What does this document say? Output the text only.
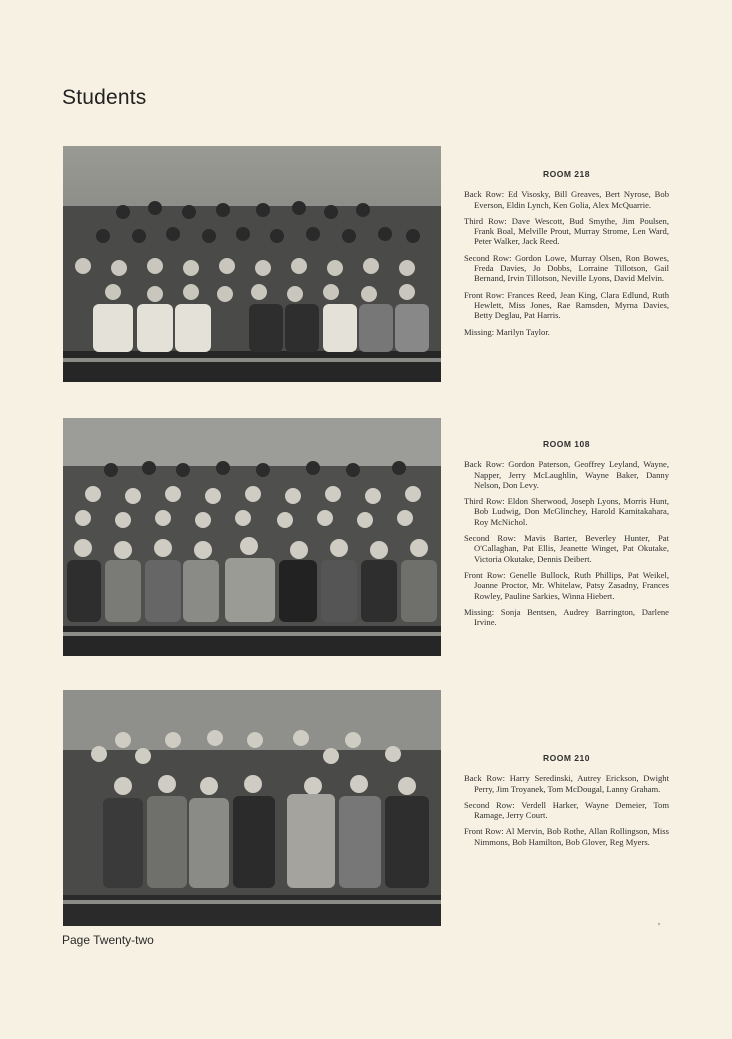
Students
ROOM 218
Back Row: Ed Visosky, Bill Greaves, Bert Nyrose, Bob Everson, Eldin Lynch, Ken Golia, Alex McQuarrie.
Third Row: Dave Wescott, Bud Smythe, Jim Poulsen, Frank Boal, Melville Prout, Murray Strome, Len Ward, Peter Walker, Jack Reed.
Second Row: Gordon Lowe, Murray Olsen, Ron Bowes, Freda Davies, Jo Dobbs, Lorraine Tillotson, Gail Bernand, Irvin Tillotson, Neville Lyons, David Melvin.
Front Row: Frances Reed, Jean King, Clara Edlund, Ruth Hewlett, Miss Jones, Rae Ramsden, Myrna Davies, Betty Deglau, Pat Harris.
Missing: Marilyn Taylor.
ROOM 108
Back Row: Gordon Paterson, Geoffrey Leyland, Wayne, Napper, Jerry McLaughlin, Wayne Baker, Danny Nelson, Don Levy.
Third Row: Eldon Sherwood, Joseph Lyons, Morris Hunt, Bob Ludwig, Don McGlinchey, Harold Kamitakahara, Roy McNichol.
Second Row: Mavis Barter, Beverley Hunter, Pat O'Callaghan, Pat Ellis, Jeanette Winget, Pat Okutake, Victoria Okutake, Dennis Deibert.
Front Row: Genelle Bullock, Ruth Phillips, Pat Weikel, Joanne Proctor, Mr. Whitelaw, Patsy Zasadny, Frances Rowley, Pauline Sarkies, Winna Hiebert.
Missing: Sonja Bentsen, Audrey Barrington, Darlene Irvine.
ROOM 210
Back Row: Harry Seredinski, Autrey Erickson, Dwight Perry, Jim Troyanek, Tom McDougal, Lanny Graham.
Second Row: Verdell Harker, Wayne Demeier, Tom Ramage, Jerry Court.
Front Row: Al Mervin, Bob Rothe, Allan Rollingson, Miss Nimmons, Bob Hamilton, Bob Glover, Reg Myers.
ʼ
Page Twenty-two
